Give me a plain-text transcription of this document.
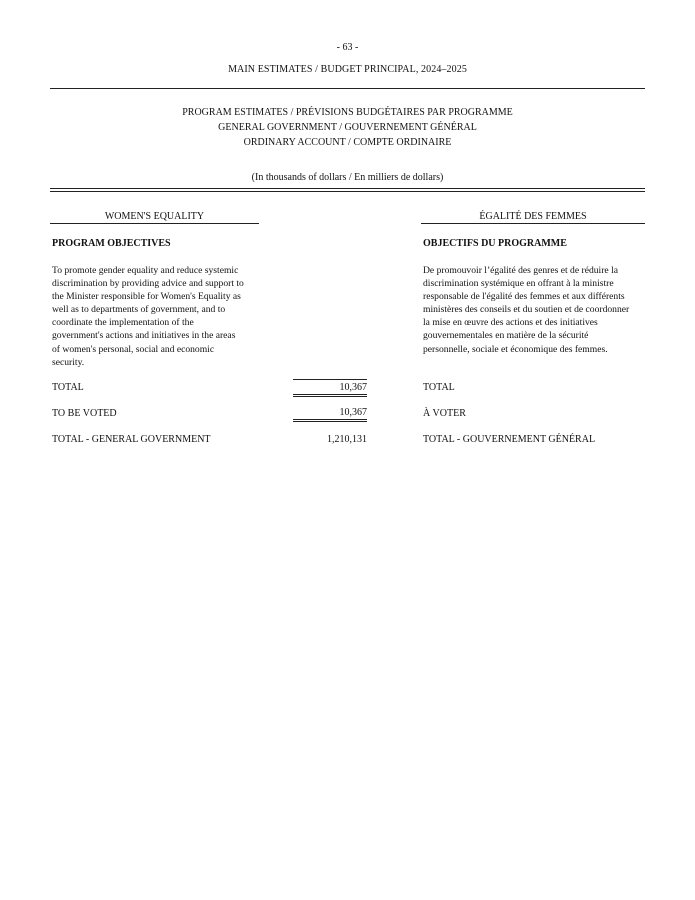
- 63 -
MAIN ESTIMATES / BUDGET PRINCIPAL, 2024–2025
PROGRAM ESTIMATES / PRÉVISIONS BUDGÉTAIRES PAR PROGRAMME
GENERAL GOVERNMENT / GOUVERNEMENT GÉNÉRAL
ORDINARY ACCOUNT / COMPTE ORDINAIRE
(In thousands of dollars / En milliers de dollars)
WOMEN'S EQUALITY	ÉGALITÉ DES FEMMES
PROGRAM OBJECTIVES	OBJECTIFS DU PROGRAMME
To promote gender equality and reduce systemic
discrimination by providing advice and support to
the Minister responsible for Women's Equality as
well as to departments of government, and to
coordinate the implementation of the
government's actions and initiatives in the areas
of women's personal, social and economic
security.
De promouvoir l’égalité des genres et de réduire la
discrimination systémique en offrant à la ministre
responsable de l'égalité des femmes et aux différents
ministères des conseils et du soutien et de coordonner
la mise en œuvre des actions et des initiatives
gouvernementales en matière de la sécurité
personnelle, sociale et économique des femmes.
TOTAL	10,367	TOTAL
TO BE VOTED	10,367	À VOTER
TOTAL - GENERAL GOVERNMENT	1,210,131	TOTAL - GOUVERNEMENT GÉNÉRAL
